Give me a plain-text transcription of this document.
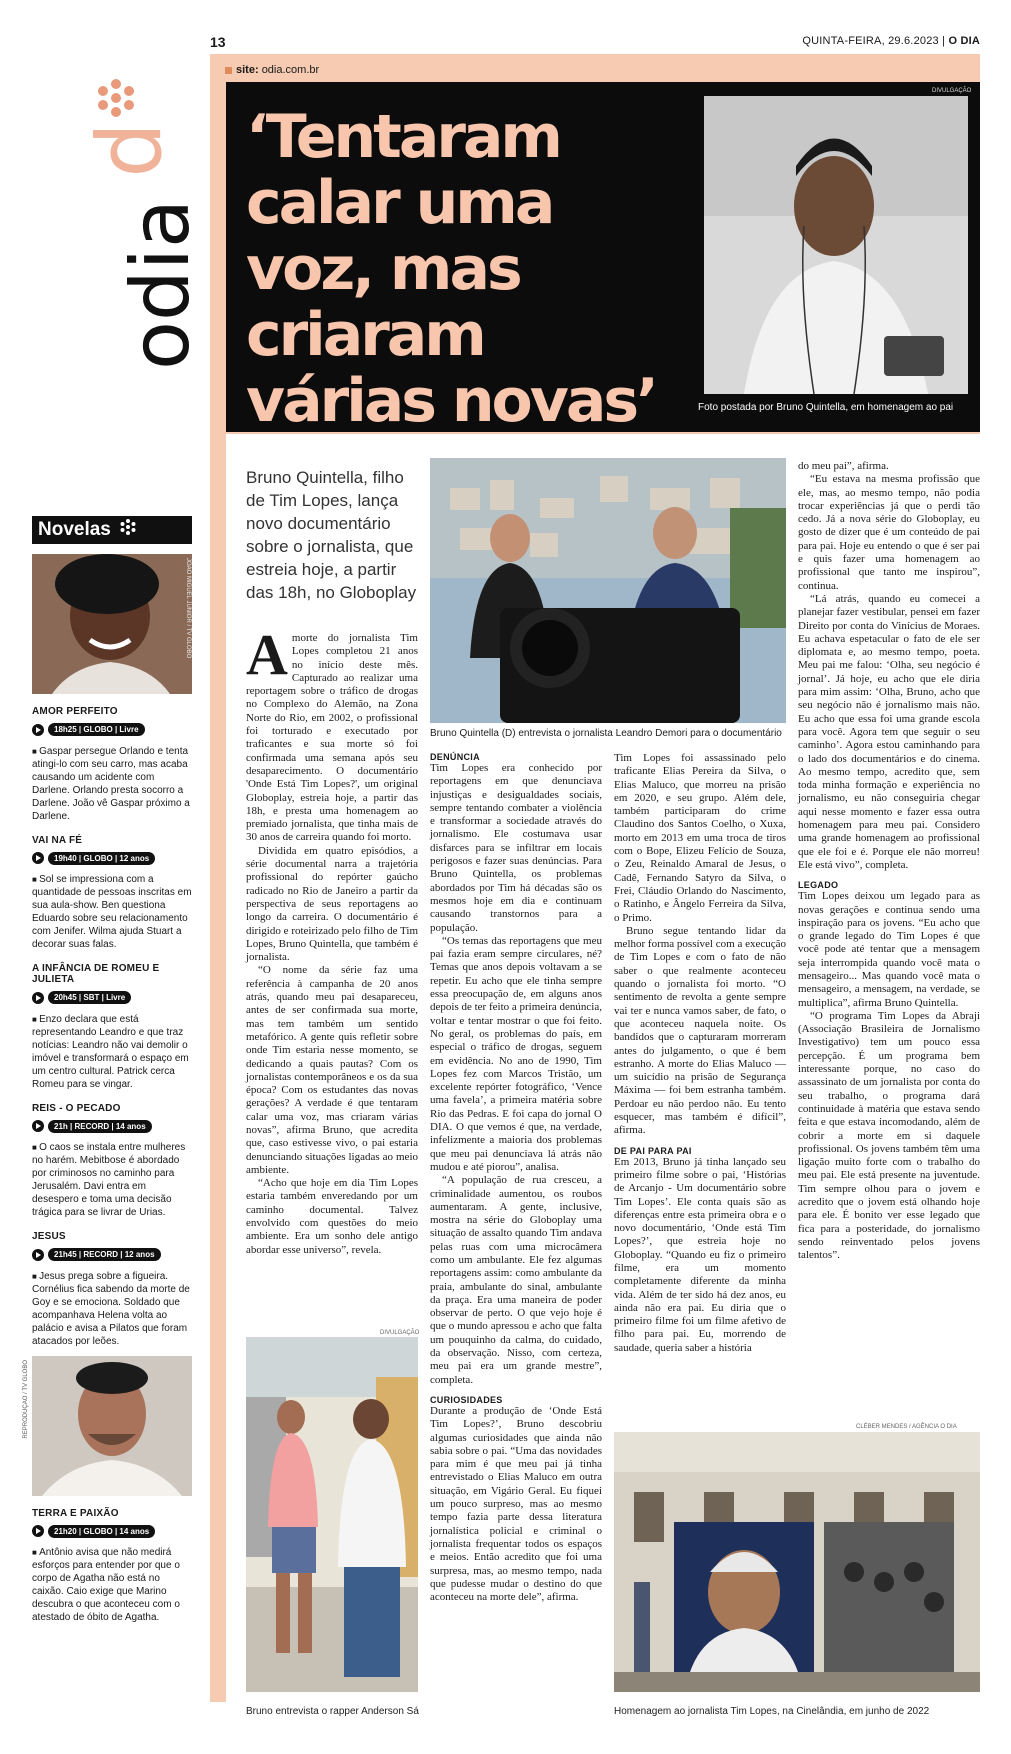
13	QUINTA-FEIRA, 29.6.2023 | O DIA
site: odia.com.br
d
odia
‘Tentaram calar uma voz, mas criaram várias novas’
DIVULGAÇÃO
Foto postada por Bruno Quintella, em homenagem ao pai
Novelas
JOÃO MIGUEL JÚNIOR / TV GLOBO
AMOR PERFEITO
18h25 | GLOBO | Livre
■ Gaspar persegue Orlando e tenta atingi-lo com seu carro, mas acaba causando um acidente com Darlene. Orlando presta socorro a Darlene. João vê Gaspar próximo a Darlene.
VAI NA FÉ
19h40 | GLOBO | 12 anos
■ Sol se impressiona com a quantidade de pessoas inscritas em sua aula-show. Ben questiona Eduardo sobre seu relacionamento com Jenifer. Wilma ajuda Stuart a decorar suas falas.
A INFÂNCIA DE ROMEU E JULIETA
20h45 | SBT | Livre
■ Enzo declara que está representando Leandro e que traz notícias: Leandro não vai demolir o imóvel e transformará o espaço em um centro cultural. Patrick cerca Romeu para se vingar.
REIS - O PECADO
21h | RECORD | 14 anos
■ O caos se instala entre mulheres no harém. Mebitbose é abordado por criminosos no caminho para Jerusalém. Davi entra em desespero e toma uma decisão trágica para se livrar de Urias.
JESUS
21h45 | RECORD | 12 anos
■ Jesus prega sobre a figueira. Cornélius fica sabendo da morte de Goy e se emociona. Soldado que acompanhava Helena volta ao palácio e avisa a Pilatos que foram atacados por leões.
REPRODUÇÃO / TV GLOBO
TERRA E PAIXÃO
21h20 | GLOBO | 14 anos
■ Antônio avisa que não medirá esforços para entender por que o corpo de Agatha não está no caixão. Caio exige que Marino descubra o que aconteceu com o atestado de óbito de Agatha.
Bruno Quintella, filho de Tim Lopes, lança novo documentário sobre o jornalista, que estreia hoje, a partir das 18h, no Globoplay
Bruno Quintella (D) entrevista o jornalista Leandro Demori para o documentário

Amorte do jornalista Tim Lopes completou 21 anos no início deste mês. Capturado ao realizar uma reportagem sobre o tráfico de drogas no Complexo do Alemão, na Zona Norte do Rio, em 2002, o profissional foi torturado e executado por traficantes e sua morte só foi confirmada uma semana após seu desaparecimento. O documentário 'Onde Está Tim Lopes?', um original Globoplay, estreia hoje, a partir das 18h, e presta uma homenagem ao premiado jornalista, que tinha mais de 30 anos de carreira quando foi morto.

Dividida em quatro episódios, a série documental narra a trajetória profissional do repórter gaúcho radicado no Rio de Janeiro a partir da perspectiva de seus reportagens ao longo da carreira. O documentário é dirigido e roteirizado pelo filho de Tim Lopes, Bruno Quintella, que também é jornalista.

“O nome da série faz uma referência à campanha de 20 anos atrás, quando meu pai desapareceu, antes de ser confirmada sua morte, mas tem também um sentido metafórico. A gente quis refletir sobre onde Tim estaria nesse momento, se dedicando a quais pautas? Com os jornalistas contemporâneos e os da sua época? Com os estudantes das novas gerações? A verdade é que tentaram calar uma voz, mas criaram várias novas”, afirma Bruno, que acredita que, caso estivesse vivo, o pai estaria denunciando situações ligadas ao meio ambiente.

“Acho que hoje em dia Tim Lopes estaria também enveredando por um caminho documental. Talvez envolvido com questões do meio ambiente. Era um sonho dele antigo abordar esse universo”, revela.

DIVULGAÇÃO
Bruno entrevista o rapper Anderson Sá
DENÚNCIA

Tim Lopes era conhecido por reportagens em que denunciava injustiças e desigualdades sociais, sempre tentando combater a violência e transformar a sociedade através do jornalismo. Ele costumava usar disfarces para se infiltrar em locais perigosos e fazer suas denúncias. Para Bruno Quintella, os problemas abordados por Tim há décadas são os mesmos hoje em dia e continuam causando transtornos para a população.

“Os temas das reportagens que meu pai fazia eram sempre circulares, né? Temas que anos depois voltavam a se repetir. Eu acho que ele tinha sempre essa preocupação de, em alguns anos depois de ter feito a primeira denúncia, voltar e tentar mostrar o que foi feito. No geral, os problemas do país, em especial o tráfico de drogas, seguem em evidência. No ano de 1990, Tim Lopes fez com Marcos Tristão, um excelente repórter fotográfico, ‘Vence uma favela’, a primeira matéria sobre Rio das Pedras. E foi capa do jornal O DIA. O que vemos é que, na verdade, infelizmente a maioria dos problemas que meu pai denunciava lá atrás não mudou e até piorou”, analisa.

“A população de rua cresceu, a criminalidade aumentou, os roubos aumentaram. A gente, inclusive, mostra na série do Globoplay uma situação de assalto quando Tim andava pelas ruas com uma microcâmera como um ambulante. Ele fez algumas reportagens assim: como ambulante da praia, ambulante do sinal, ambulante da praça. Era uma maneira de poder observar de perto. O que vejo hoje é que o mundo apressou e acho que falta um pouquinho da calma, do cuidado, da observação. Nisso, com certeza, meu pai era um grande mestre”, completa.

CURIOSIDADES

Durante a produção de ‘Onde Está Tim Lopes?’, Bruno descobriu algumas curiosidades que ainda não sabia sobre o pai. “Uma das novidades para mim é que meu pai já tinha entrevistado o Elias Maluco em outra situação, em Vigário Geral. Eu fiquei um pouco surpreso, mas ao mesmo tempo fazia parte dessa literatura jornalística policial e criminal o jornalista frequentar todos os espaços e meios. Então acredito que foi uma surpresa, mas, ao mesmo tempo, nada que pudesse mudar o destino do que aconteceu na morte dele”, afirma.

Tim Lopes foi assassinado pelo traficante Elias Pereira da Silva, o Elias Maluco, que morreu na prisão em 2020, e seu grupo. Além dele, também participaram do crime Claudino dos Santos Coelho, o Xuxa, morto em 2013 em uma troca de tiros com o Bope, Elizeu Felício de Souza, o Zeu, Reinaldo Amaral de Jesus, o Cadê, Fernando Satyro da Silva, o Frei, Cláudio Orlando do Nascimento, o Ratinho, e Ângelo Ferreira da Silva, o Primo.

Bruno segue tentando lidar da melhor forma possível com a execução de Tim Lopes e com o fato de não saber o que realmente aconteceu quando o jornalista foi morto. “O sentimento de revolta a gente sempre vai ter e nunca vamos saber, de fato, o que aconteceu naquela noite. Os bandidos que o capturaram morreram antes do julgamento, o que é bem estranho. A morte do Elias Maluco — um suicídio na prisão de Segurança Máxima — foi bem estranha também. Perdoar eu não perdoo não. Eu tento esquecer, mas também é difícil”, afirma.

DE PAI PARA PAI

Em 2013, Bruno já tinha lançado seu primeiro filme sobre o pai, ‘Histórias de Arcanjo - Um documentário sobre Tim Lopes’. Ele conta quais são as diferenças entre esta primeira obra e o novo documentário, ‘Onde está Tim Lopes?’, que estreia hoje no Globoplay. “Quando eu fiz o primeiro filme, era um momento completamente diferente da minha vida. Além de ter sido há dez anos, eu ainda não era pai. Eu diria que o primeiro filme foi um filme afetivo de filho para pai. Eu, morrendo de saudade, queria saber a história

do meu pai”, afirma.

“Eu estava na mesma profissão que ele, mas, ao mesmo tempo, não podia trocar experiências já que o perdi tão cedo. Já a nova série do Globoplay, eu gosto de dizer que é um conteúdo de pai para pai. Hoje eu entendo o que é ser pai e quis fazer uma homenagem ao profissional que tanto me inspirou”, continua.

“Lá atrás, quando eu comecei a planejar fazer vestibular, pensei em fazer Direito por conta do Vinícius de Moraes. Eu achava espetacular o fato de ele ser diplomata e, ao mesmo tempo, poeta. Meu pai me falou: ‘Olha, seu negócio é jornal’. Já hoje, eu acho que ele diria para mim assim: ‘Olha, Bruno, acho que seu negócio não é jornalismo mais não. Eu acho que essa foi uma grande escola para você. Agora tem que seguir o seu caminho’. Agora estou caminhando para o lado dos documentários e do cinema. Ao mesmo tempo, acredito que, sem toda minha formação e experiência no jornalismo, eu não conseguiria chegar aqui nesse momento e fazer essa outra homenagem para meu pai. Considero uma grande homenagem ao profissional que ele foi e é. Porque ele não morreu! Ele está vivo”, completa.

LEGADO

Tim Lopes deixou um legado para as novas gerações e continua sendo uma inspiração para os jovens. “Eu acho que o grande legado do Tim Lopes é que você pode até tentar que a mensagem seja interrompida quando você mata o mensageiro... Mas quando você mata o mensageiro, a mensagem, na verdade, se multiplica”, afirma Bruno Quintella.

“O programa Tim Lopes da Abraji (Associação Brasileira de Jornalismo Investigativo) tem um pouco essa percepção. É um programa bem interessante porque, no caso do assassinato de um jornalista por conta do seu trabalho, o programa dará continuidade à matéria que estava sendo feita e que estava incomodando, além de cobrir a morte em si daquele profissional. Os jovens também têm uma ligação muito forte com o trabalho do meu pai. Ele está presente na juventude. Tim sempre olhou para o jovem e acredito que o jovem está olhando hoje para ele. É bonito ver esse legado que fica para a posteridade, do jornalismo sendo reinventado pelos jovens talentos”.

CLÉBER MENDES / AGÊNCIA O DIA
Homenagem ao jornalista Tim Lopes, na Cinelândia, em junho de 2022
